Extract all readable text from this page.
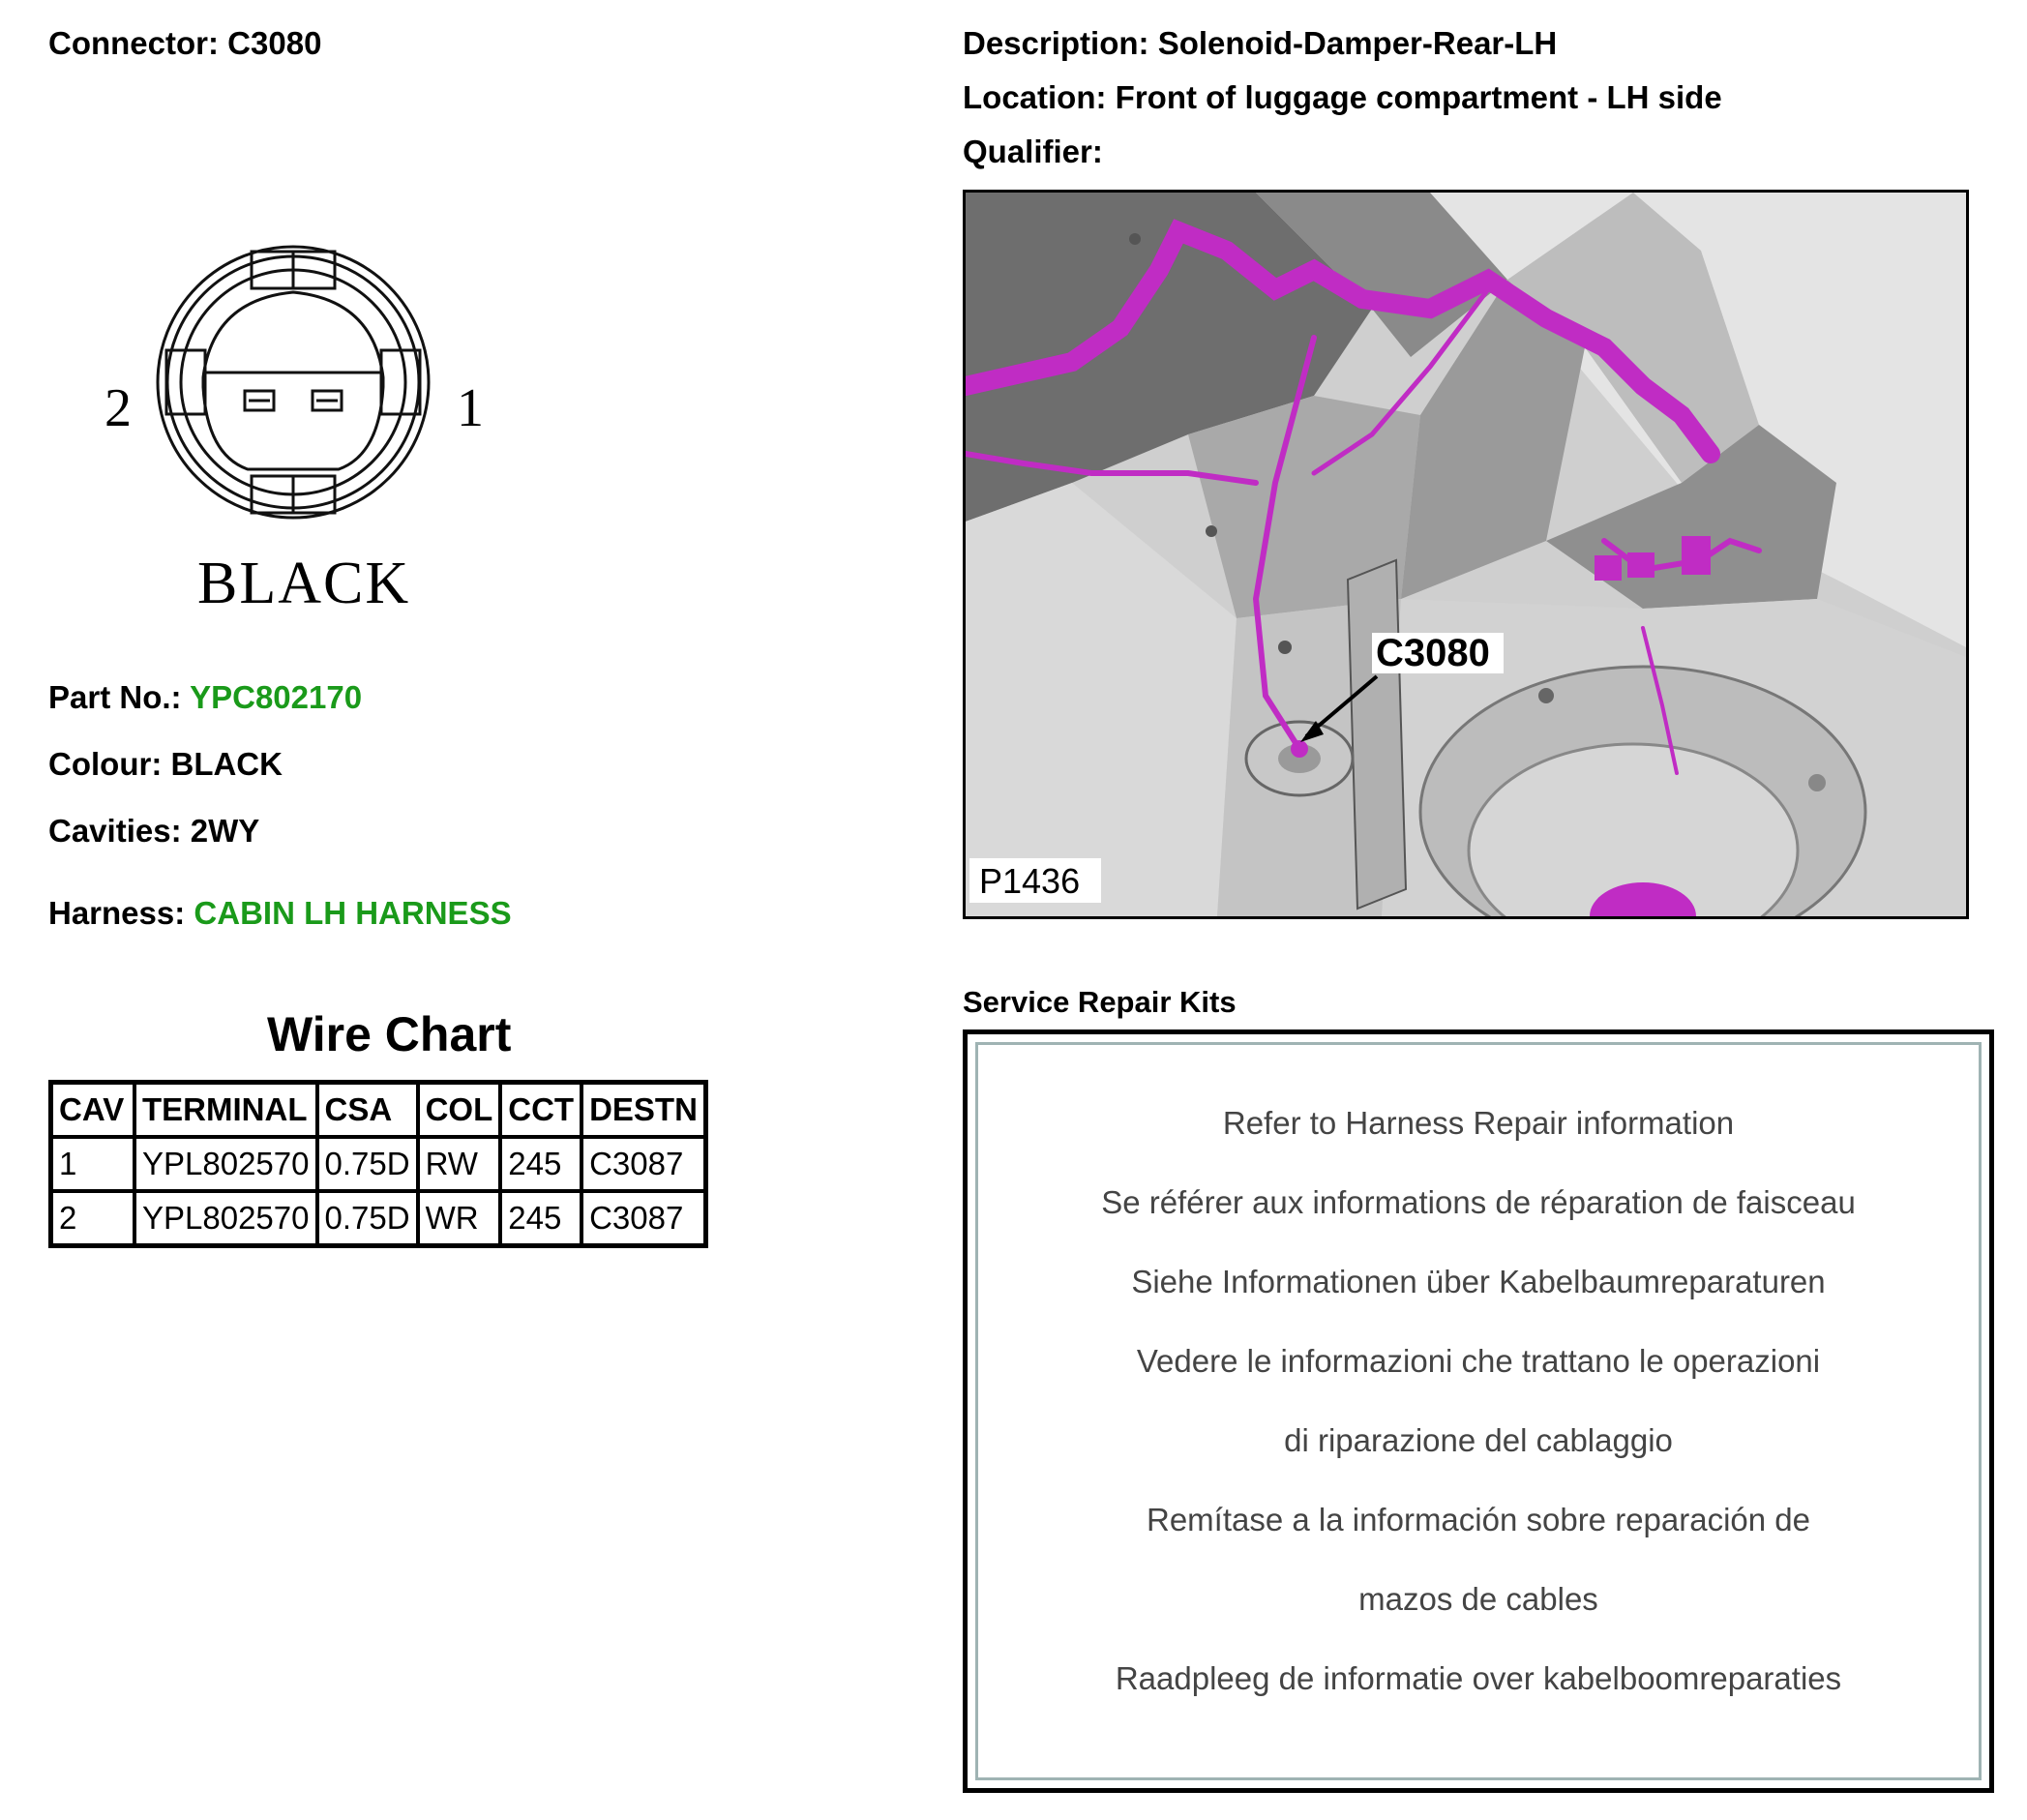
Connector: C3080	Description: Solenoid-Damper-Rear-LH
Location: Front of luggage compartment - LH side
Qualifier:
2	1
BLACK
Part No.: YPC802170
Colour: BLACK
Cavities: 2WY
Harness: CABIN LH HARNESS
Wire Chart
CAV	TERMINAL	CSA	COL	CCT	DESTN
1	YPL802570	0.75D	RW	245	C3087
2	YPL802570	0.75D	WR	245	C3087
C3080
P1436
Service Repair Kits
Refer to Harness Repair information
Se référer aux informations de réparation de faisceau
Siehe Informationen über Kabelbaumreparaturen
Vedere le informazioni che trattano le operazioni
di riparazione del cablaggio
Remítase a la información sobre reparación de
mazos de cables
Raadpleeg de informatie over kabelboomreparaties
